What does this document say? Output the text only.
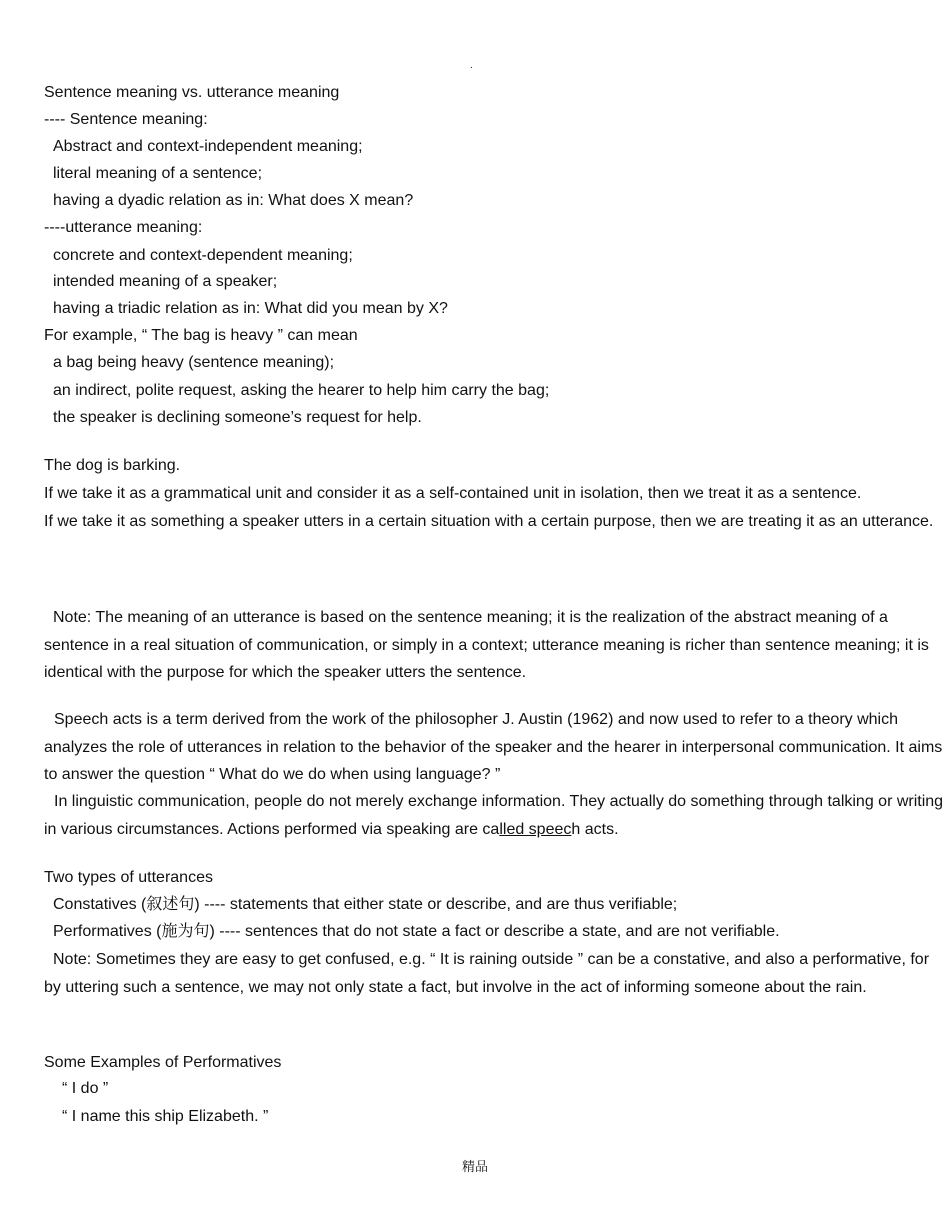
.
Sentence meaning vs. utterance meaning
---- Sentence meaning:
Abstract and context-independent meaning;
literal meaning of a sentence;
having a dyadic relation as in: What does X mean?
----utterance meaning:
concrete and context-dependent meaning;
intended meaning of a speaker;
having a triadic relation as in: What did you mean by X?
For example, “ The bag is heavy ” can mean
a bag being heavy (sentence meaning);
an indirect, polite request, asking the hearer to help him carry the bag;
the speaker is declining someone’s request for help.
The dog is barking.
If we take it as a grammatical unit and consider it as a self-contained unit in isolation, then we treat it as a sentence.
If we take it as something a speaker utters in a certain situation with a certain purpose, then we are treating it as an utterance.
Note: The meaning of an utterance is based on the sentence meaning; it is the realization of the abstract meaning of a sentence in a real situation of communication, or simply in a context; utterance meaning is richer than sentence meaning; it is identical with the purpose for which the speaker utters the sentence.
Speech acts is a term derived from the work of the philosopher J. Austin (1962) and now used to refer to a theory which analyzes the role of utterances in relation to the behavior of the speaker and the hearer in interpersonal communication. It aims to answer the question “ What do we do when using language? ”
In linguistic communication, people do not merely exchange information. They actually do something through talking or writing in various circumstances. Actions performed via speaking are called speech acts.
Two types of utterances
Constatives (叙述句) ---- statements that either state or describe, and are thus verifiable;
Performatives (施为句) ---- sentences that do not state a fact or describe a state, and are not verifiable.
Note: Sometimes they are easy to get confused, e.g. “ It is raining outside ” can be a constative, and also a performative, for by uttering such a sentence, we may not only state a fact, but involve in the act of informing someone about the rain.
Some Examples of Performatives
“ I do ”
“ I name this ship Elizabeth. ”
精品
